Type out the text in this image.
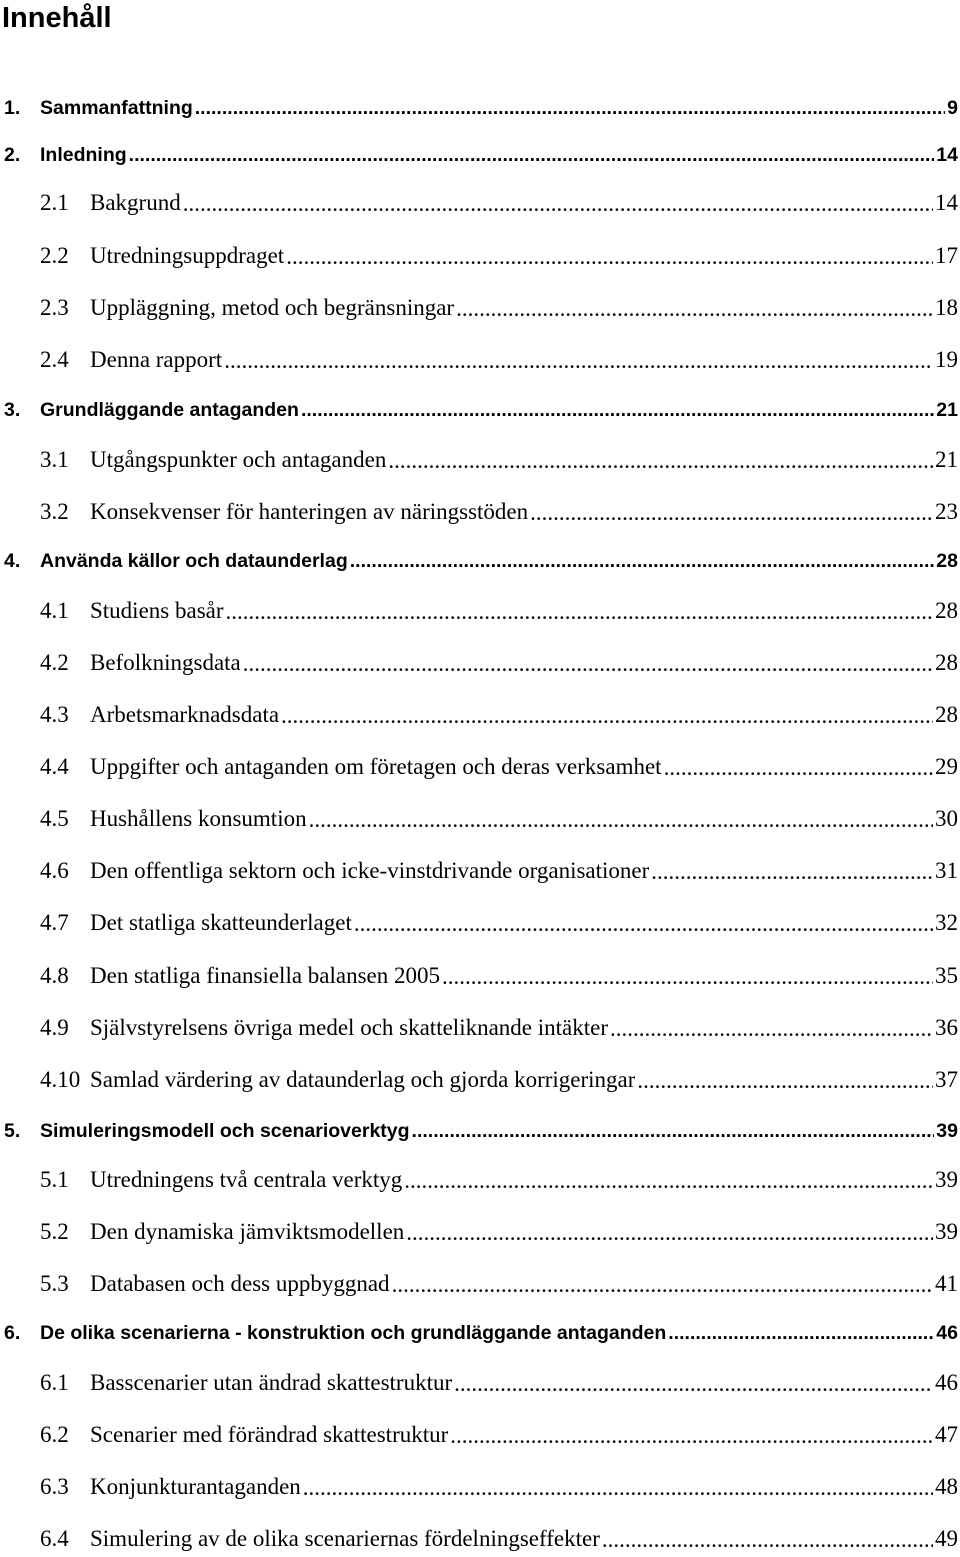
Innehåll
1.	Sammanfattning .....	9
2.	Inledning .....	14
2.1 Bakgrund .....	14
2.2 Utredningsuppdraget .....	17
2.3 Uppläggning, metod och begränsningar .....	18
2.4 Denna rapport .....	19
3.	Grundläggande antaganden .....	21
3.1 Utgångspunkter och antaganden .....	21
3.2 Konsekvenser för hanteringen av näringsstöden .....	23
4.	Använda källor och dataunderlag .....	28
4.1 Studiens basår .....	28
4.2 Befolkningsdata .....	28
4.3 Arbetsmarknadsdata .....	28
4.4 Uppgifter och antaganden om företagen och deras verksamhet .....	29
4.5 Hushållens konsumtion .....	30
4.6 Den offentliga sektorn och icke-vinstdrivande organisationer .....	31
4.7 Det statliga skatteunderlaget .....	32
4.8 Den statliga finansiella balansen 2005 .....	35
4.9 Självstyrelsens övriga medel och skatteliknande intäkter .....	36
4.10 Samlad värdering av dataunderlag och gjorda korrigeringar .....	37
5.	Simuleringsmodell och scenarioverktyg .....	39
5.1 Utredningens två centrala verktyg .....	39
5.2 Den dynamiska jämviktsmodellen .....	39
5.3 Databasen och dess uppbyggnad .....	41
6.	De olika scenarierna - konstruktion och grundläggande antaganden .....	46
6.1 Basscenarier utan ändrad skattestruktur .....	46
6.2 Scenarier med förändrad skattestruktur .....	47
6.3 Konjunkturantaganden .....	48
6.4 Simulering av de olika scenariernas fördelningseffekter .....	49
